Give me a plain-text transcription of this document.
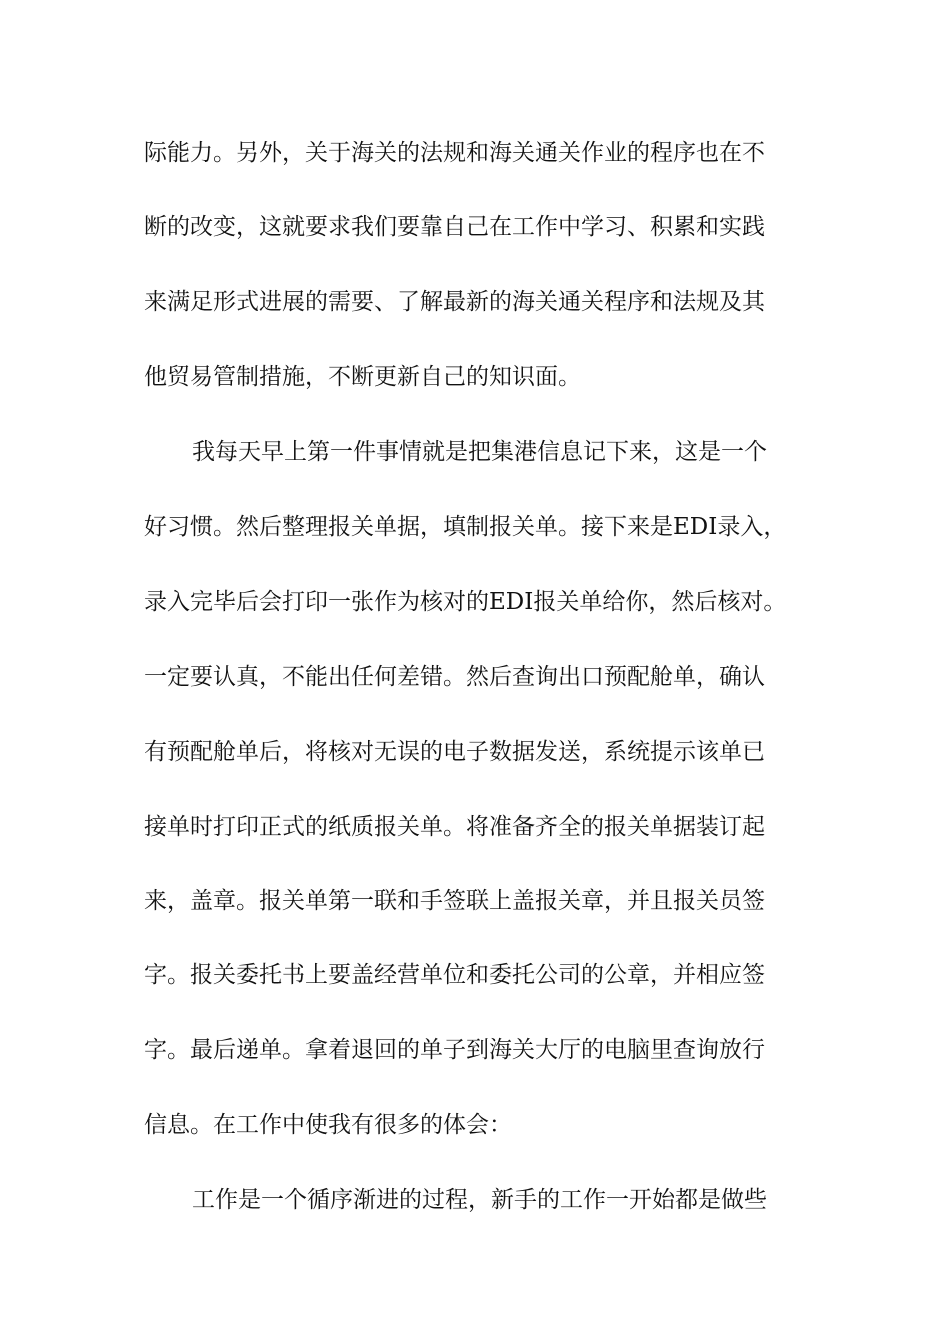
际能力。另外，关于海关的法规和海关通关作业的程序也在不
断的改变，这就要求我们要靠自己在工作中学习、积累和实践
来满足形式进展的需要、了解最新的海关通关程序和法规及其
他贸易管制措施，不断更新自己的知识面。
我每天早上第一件事情就是把集港信息记下来，这是一个
好习惯。然后整理报关单据，填制报关单。接下来是EDI录入，
录入完毕后会打印一张作为核对的EDI报关单给你，然后核对。
一定要认真，不能出任何差错。然后查询出口预配舱单，确认
有预配舱单后，将核对无误的电子数据发送，系统提示该单已
接单时打印正式的纸质报关单。将准备齐全的报关单据装订起
来，盖章。报关单第一联和手签联上盖报关章，并且报关员签
字。报关委托书上要盖经营单位和委托公司的公章，并相应签
字。最后递单。拿着退回的单子到海关大厅的电脑里查询放行
信息。在工作中使我有很多的体会：
工作是一个循序渐进的过程，新手的工作一开始都是做些
